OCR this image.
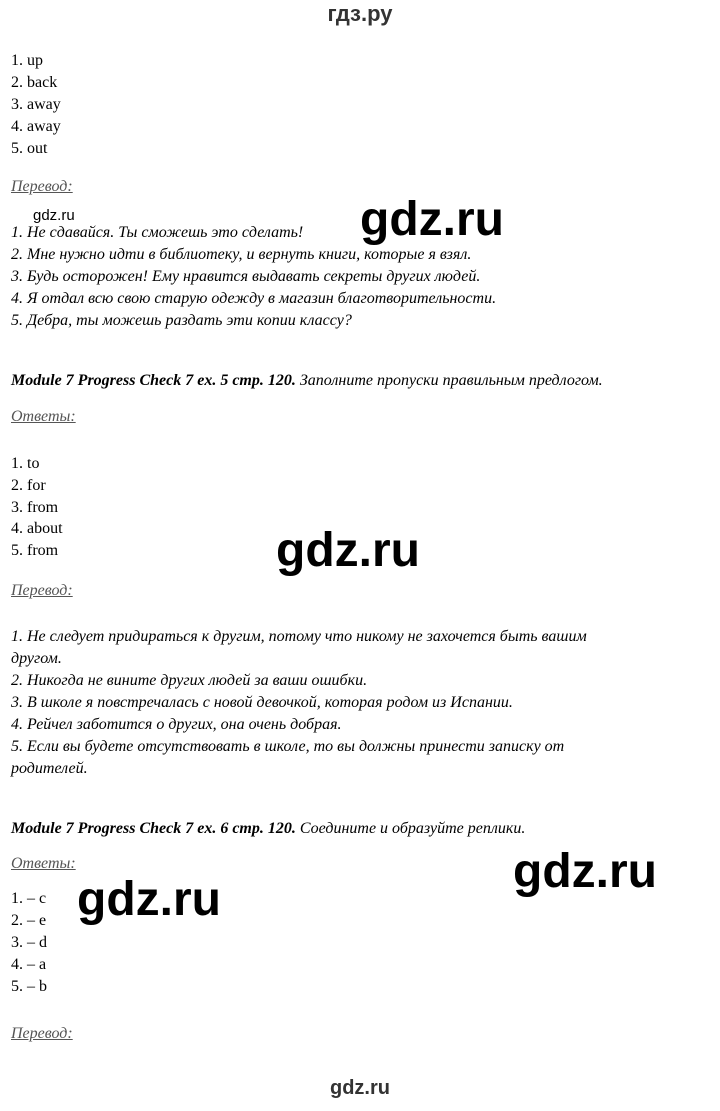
гдз.ру
1. up
2. back
3. away
4. away
5. out
Перевод:
1. Не сдавайся. Ты сможешь это сделать!
2. Мне нужно идти в библиотеку, и вернуть книги, которые я взял.
3. Будь осторожен! Ему нравится выдавать секреты других людей.
4. Я отдал всю свою старую одежду в магазин благотворительности.
5. Дебра, ты можешь раздать эти копии классу?
gdz.ru	gdz.ru
Module 7 Progress Check 7 ex. 5 стр. 120. Заполните пропуски правильным предлогом.
Ответы:
1. to
2. for
3. from
4. about
5. from	gdz.ru
Перевод:
1. Не следует придираться к другим, потому что никому не захочется быть вашим
другом.
2. Никогда не вините других людей за ваши ошибки.
3. В школе я повстречалась с новой девочкой, которая родом из Испании.
4. Рейчел заботится о других, она очень добрая.
5. Если вы будете отсутствовать в школе, то вы должны принести записку от
родителей.
Module 7 Progress Check 7 ex. 6 стр. 120. Соедините и образуйте реплики.
Ответы:	gdz.ru
1. – c
2. – e
3. – d
4. – a
5. – b
gdz.ru
Перевод:
gdz.ru
